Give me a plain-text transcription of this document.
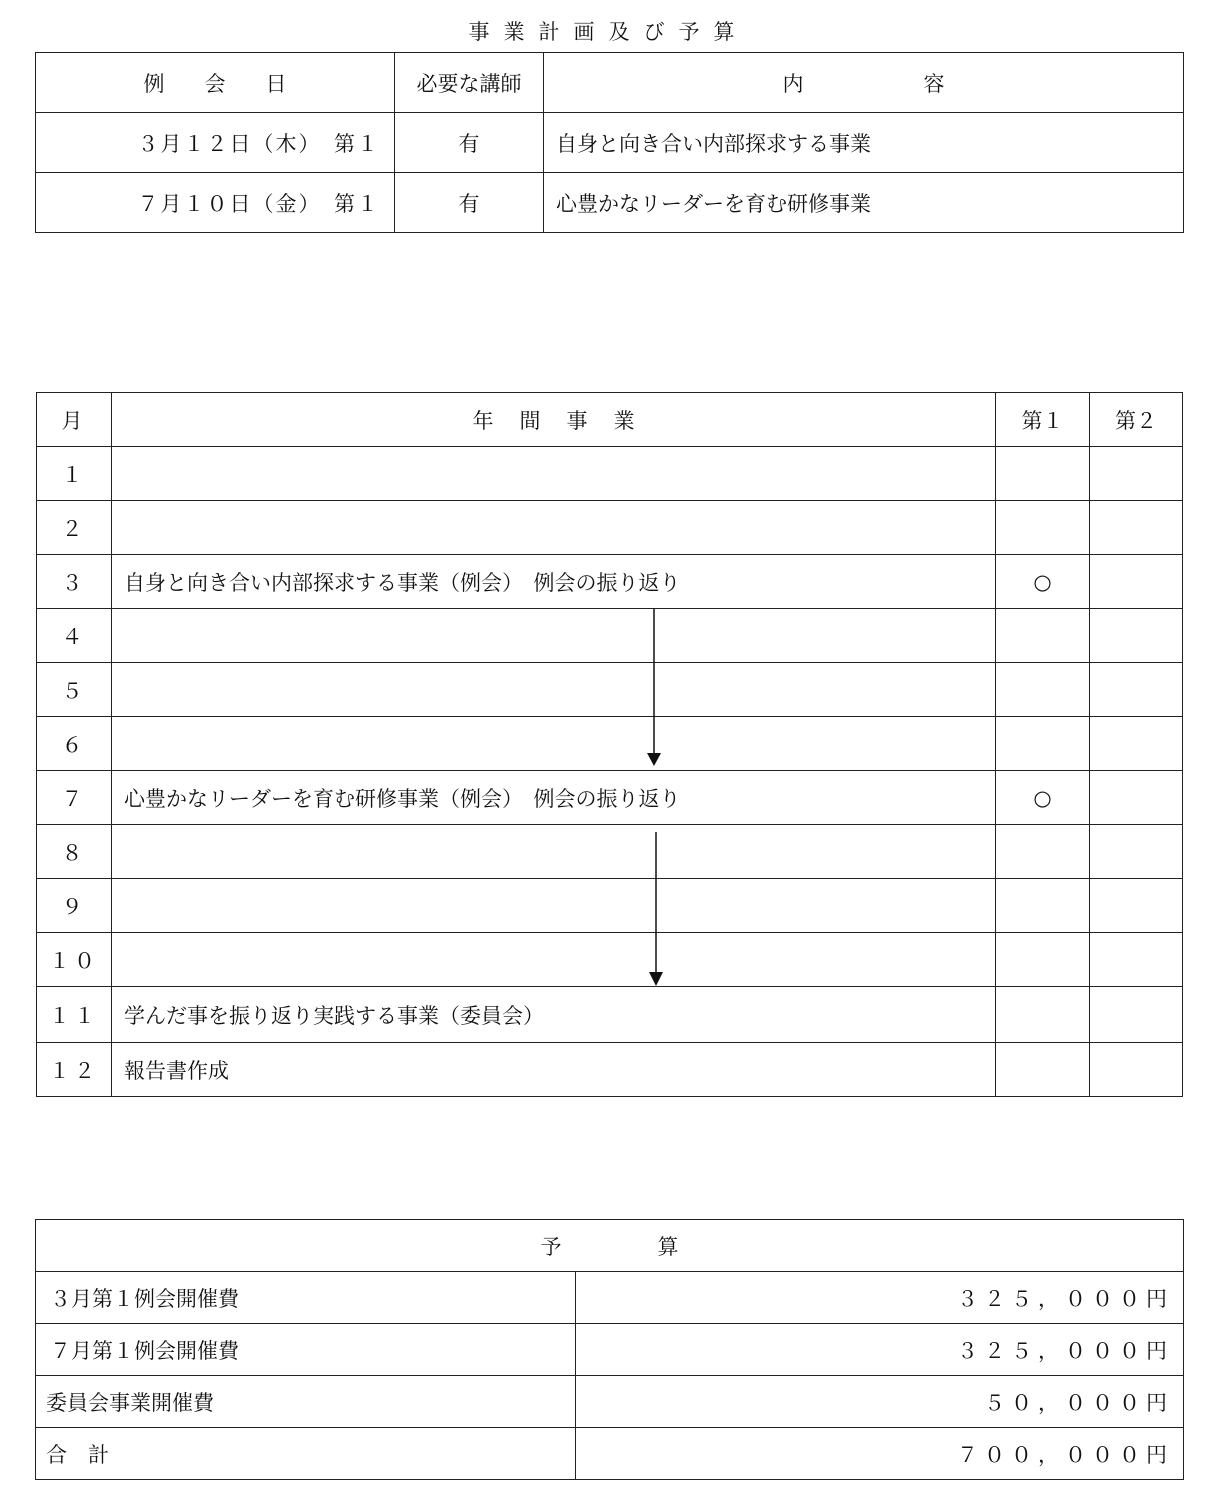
事業計画及び予算
例会日	必要な講師	内容
３月１２日（木）　第１	有	自身と向き合い内部探求する事業
７月１０日（金）　第１	有	心豊かなリーダーを育む研修事業
月	年間事業	第１	第２
１			
２			
３	自身と向き合い内部探求する事業（例会）　例会の振り返り	○	
４			
５			
６			
７	心豊かなリーダーを育む研修事業（例会）　例会の振り返り	○	
８			
９			
１０			
１１	学んだ事を振り返り実践する事業（委員会）		
１２	報告書作成		
予算	
３月第１例会開催費	３２５，０００円
７月第１例会開催費	３２５，０００円
委員会事業開催費	５０，０００円
合　計	７００，０００円
